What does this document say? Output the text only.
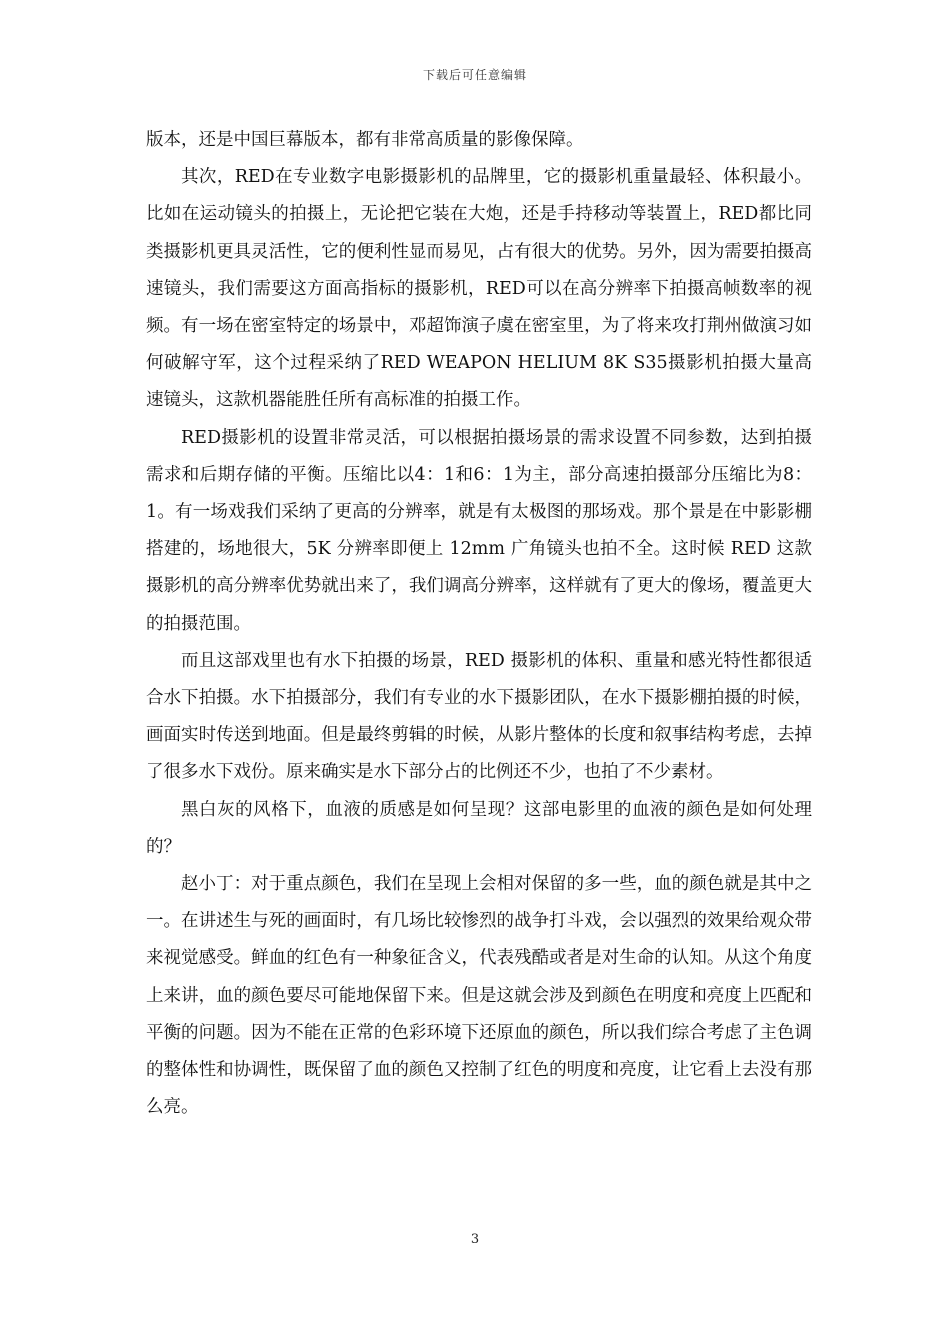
下载后可任意编辑

版本，还是中国巨幕版本，都有非常高质量的影像保障。

其次，RED在专业数字电影摄影机的品牌里，它的摄影机重量最轻、体积最小。比如在运动镜头的拍摄上，无论把它装在大炮，还是手持移动等装置上，RED都比同类摄影机更具灵活性，它的便利性显而易见，占有很大的优势。另外，因为需要拍摄高速镜头，我们需要这方面高指标的摄影机，RED可以在高分辨率下拍摄高帧数率的视频。有一场在密室特定的场景中，邓超饰演子虞在密室里，为了将来攻打荆州做演习如何破解守军，这个过程采纳了RED WEAPON HELIUM 8K S35摄影机拍摄大量高速镜头，这款机器能胜任所有高标准的拍摄工作。

RED摄影机的设置非常灵活，可以根据拍摄场景的需求设置不同参数，达到拍摄需求和后期存储的平衡。压缩比以4：1和6：1为主，部分高速拍摄部分压缩比为8：1。有一场戏我们采纳了更高的分辨率，就是有太极图的那场戏。那个景是在中影影棚搭建的，场地很大，5K 分辨率即便上 12mm 广角镜头也拍不全。这时候 RED 这款摄影机的高分辨率优势就出来了，我们调高分辨率，这样就有了更大的像场，覆盖更大的拍摄范围。

而且这部戏里也有水下拍摄的场景，RED 摄影机的体积、重量和感光特性都很适合水下拍摄。水下拍摄部分，我们有专业的水下摄影团队，在水下摄影棚拍摄的时候，画面实时传送到地面。但是最终剪辑的时候，从影片整体的长度和叙事结构考虑，去掉了很多水下戏份。原来确实是水下部分占的比例还不少，也拍了不少素材。

黑白灰的风格下，血液的质感是如何呈现？这部电影里的血液的颜色是如何处理的？

赵小丁：对于重点颜色，我们在呈现上会相对保留的多一些，血的颜色就是其中之一。在讲述生与死的画面时，有几场比较惨烈的战争打斗戏，会以强烈的效果给观众带来视觉感受。鲜血的红色有一种象征含义，代表残酷或者是对生命的认知。从这个角度上来讲，血的颜色要尽可能地保留下来。但是这就会涉及到颜色在明度和亮度上匹配和平衡的问题。因为不能在正常的色彩环境下还原血的颜色，所以我们综合考虑了主色调的整体性和协调性，既保留了血的颜色又控制了红色的明度和亮度，让它看上去没有那么亮。

3
